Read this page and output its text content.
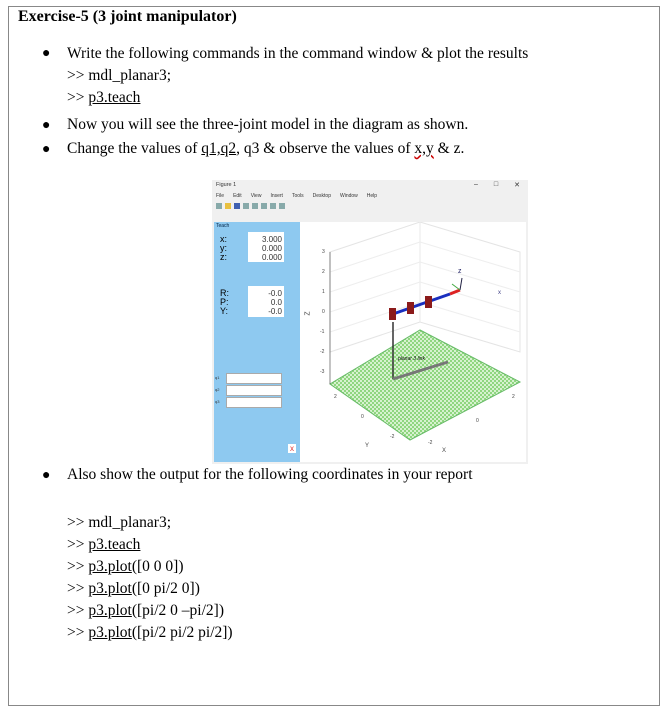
Exercise-5 (3 joint manipulator)
● Write the following commands in the command window & plot the results
>> mdl_planar3;
>> p3.teach
● Now you will see the three-joint model in the diagram as shown.
● Change the values of q1,q2, q3 & observe the values of x,y & z.
Figure 1	– □ ✕
File Edit View Insert Tools Desktop Window Help
Teach
x:	3.000
y:	0.000
z:	0.000
R:	-0.0
P:	0.0
Y:	-0.0
q1
q2
q3
x
3
2
1
0
-1
-2
-3
Z
2
0
-2
Y	-2
0
2
X
planar 3 link
z
x
● Also show the output for the following coordinates in your report
>> mdl_planar3;
>> p3.teach
>> p3.plot([0 0 0])
>> p3.plot([0 pi/2 0])
>> p3.plot([pi/2 0 –pi/2])
>> p3.plot([pi/2 pi/2 pi/2])
